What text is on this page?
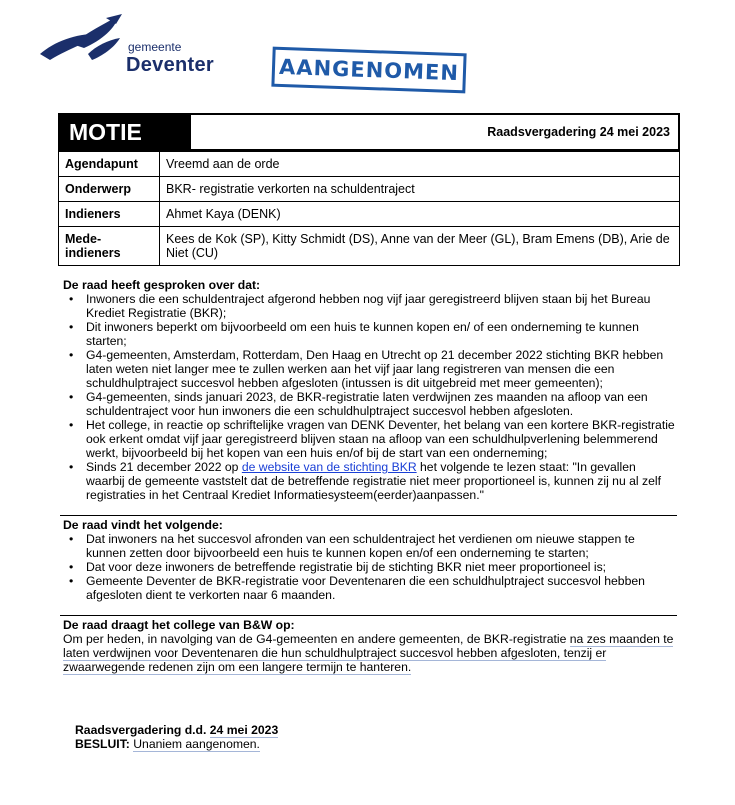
gemeente
Deventer	AANGENOMEN
MOTIE	Raadsvergadering 24 mei 2023
Agendapunt	Vreemd aan de orde
Onderwerp	BKR- registratie verkorten na schuldentraject
Indieners	Ahmet Kaya (DENK)
Mede-indieners	Kees de Kok (SP), Kitty Schmidt (DS), Anne van der Meer (GL), Bram Emens (DB), Arie de Niet (CU)
De raad heeft gesproken over dat:
• Inwoners die een schuldentraject afgerond hebben nog vijf jaar geregistreerd blijven staan bij het Bureau Krediet Registratie (BKR);
• Dit inwoners beperkt om bijvoorbeeld om een huis te kunnen kopen en/ of een onderneming te kunnen starten;
• G4-gemeenten, Amsterdam, Rotterdam, Den Haag en Utrecht op 21 december 2022 stichting BKR hebben laten weten niet langer mee te zullen werken aan het vijf jaar lang registreren van mensen die een schuldhulptraject succesvol hebben afgesloten (intussen is dit uitgebreid met meer gemeenten);
• G4-gemeenten, sinds januari 2023, de BKR-registratie laten verdwijnen zes maanden na afloop van een schuldentraject voor hun inwoners die een schuldhulptraject succesvol hebben afgesloten.
• Het college, in reactie op schriftelijke vragen van DENK Deventer, het belang van een kortere BKR-registratie ook erkent omdat vijf jaar geregistreerd blijven staan na afloop van een schuldhulpverlening belemmerend werkt, bijvoorbeeld bij het kopen van een huis en/of bij de start van een onderneming;
• Sinds 21 december 2022 op de website van de stichting BKR het volgende te lezen staat: "In gevallen waarbij de gemeente vaststelt dat de betreffende registratie niet meer proportioneel is, kunnen zij nu al zelf registraties in het Centraal Krediet Informatiesysteem(eerder)aanpassen."
De raad vindt het volgende:
• Dat inwoners na het succesvol afronden van een schuldentraject het verdienen om nieuwe stappen te kunnen zetten door bijvoorbeeld een huis te kunnen kopen en/of een onderneming te starten;
• Dat voor deze inwoners de betreffende registratie bij de stichting BKR niet meer proportioneel is;
• Gemeente Deventer de BKR-registratie voor Deventenaren die een schuldhulptraject succesvol hebben afgesloten dient te verkorten naar 6 maanden.
De raad draagt het college van B&W op:
Om per heden, in navolging van de G4-gemeenten en andere gemeenten, de BKR-registratie na zes maanden te laten verdwijnen voor Deventenaren die hun schuldhulptraject succesvol hebben afgesloten, tenzij er zwaarwegende redenen zijn om een langere termijn te hanteren.
Raadsvergadering d.d. 24 mei 2023
BESLUIT: Unaniem aangenomen.
